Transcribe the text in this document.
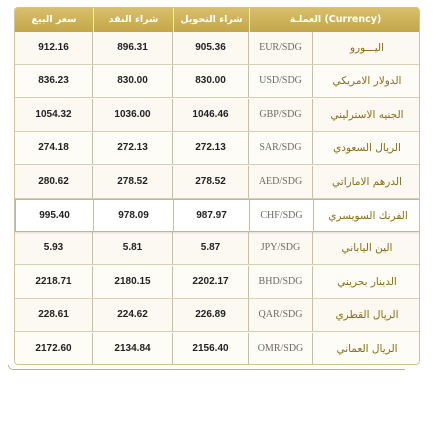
سعر البيع	شراء النقد	شراء التحويل	العملـة (Currency)
912.16	896.31	905.36	EUR/SDG	اليـــورو
836.23	830.00	830.00	USD/SDG	الدولار الامريكي
1054.32	1036.00	1046.46	GBP/SDG	الجنيه الاسترليني
274.18	272.13	272.13	SAR/SDG	الريال السعودي
280.62	278.52	278.52	AED/SDG	الدرهم الاماراتي
995.40	978.09	987.97	CHF/SDG	الفرنك السويسري
5.93	5.81	5.87	JPY/SDG	الين الياباني
2218.71	2180.15	2202.17	BHD/SDG	الدينار بحريني
228.61	224.62	226.89	QAR/SDG	الريال القطري
2172.60	2134.84	2156.40	OMR/SDG	الريال العماني
